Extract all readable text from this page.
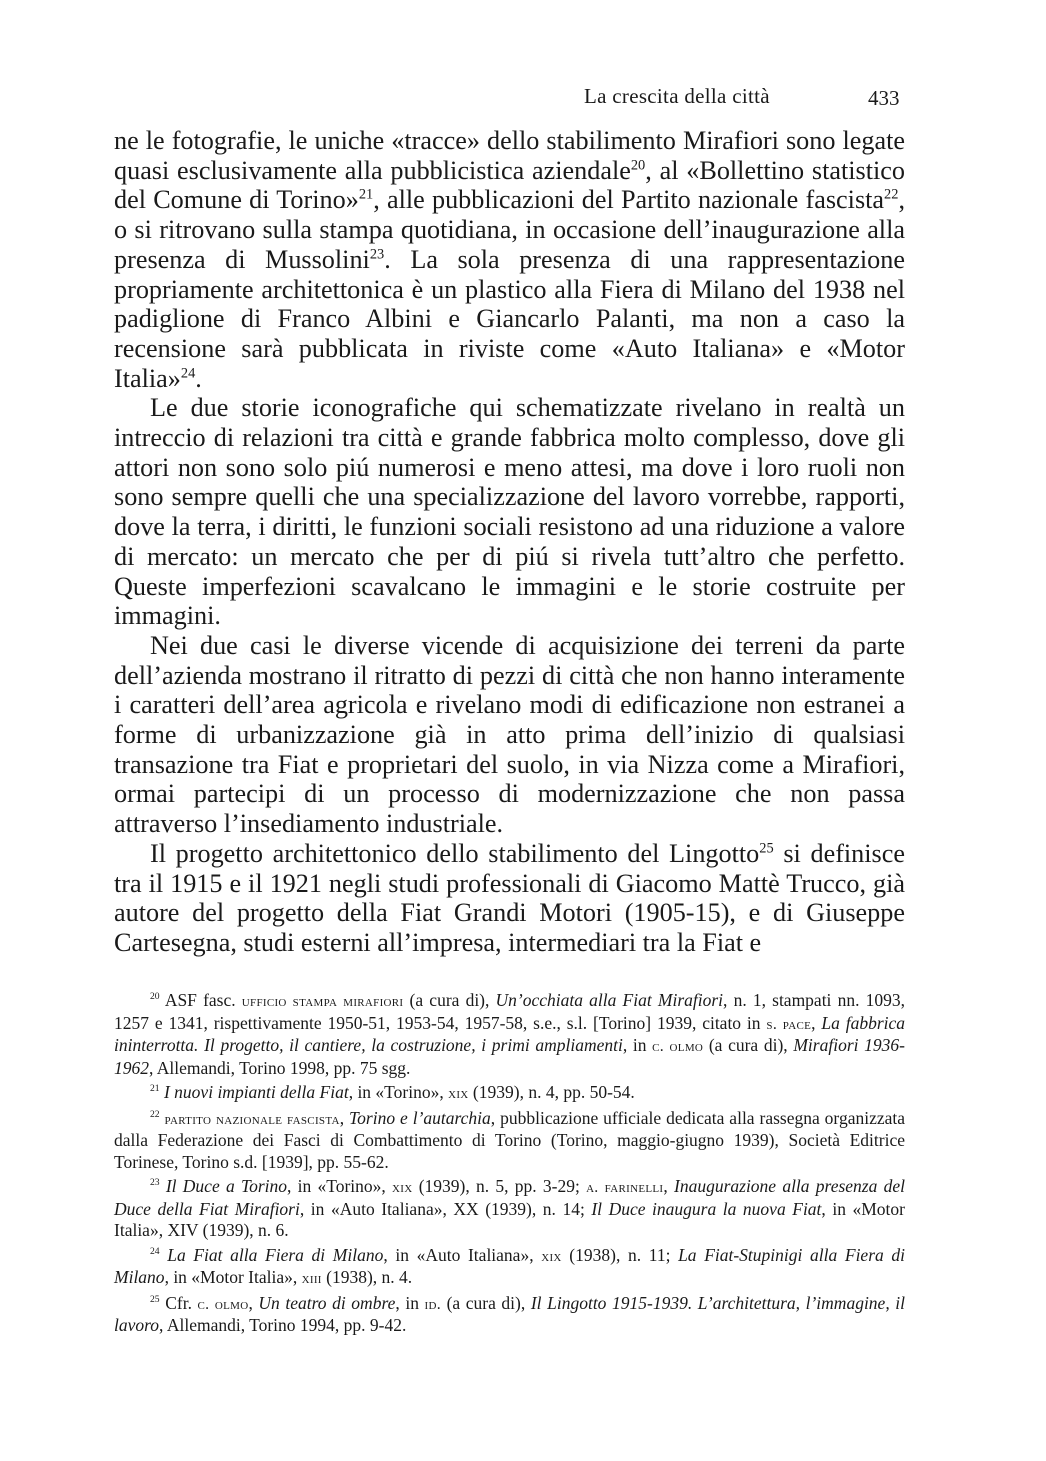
La crescita della città	433

ne le fotografie, le uniche «tracce» dello stabilimento Mirafiori sono legate quasi esclusivamente alla pubblicistica aziendale$^{20}$, al «Bollettino statistico del Comune di Torino»$^{21}$, alle pubblicazioni del Partito nazionale fascista$^{22}$, o si ritrovano sulla stampa quotidiana, in occasione dell’inaugurazione alla presenza di Mussolini$^{23}$. La sola presenza di una rappresentazione propriamente architettonica è un plastico alla Fiera di Milano del 1938 nel padiglione di Franco Albini e Giancarlo Palanti, ma non a caso la recensione sarà pubblicata in riviste come «Auto Italiana» e «Motor Italia»$^{24}$.

Le due storie iconografiche qui schematizzate rivelano in realtà un intreccio di relazioni tra città e grande fabbrica molto complesso, dove gli attori non sono solo piú numerosi e meno attesi, ma dove i loro ruoli non sono sempre quelli che una specializzazione del lavoro vorrebbe, rapporti, dove la terra, i diritti, le funzioni sociali resistono ad una riduzione a valore di mercato: un mercato che per di piú si rivela tutt’altro che perfetto. Queste imperfezioni scavalcano le immagini e le storie costruite per immagini.

Nei due casi le diverse vicende di acquisizione dei terreni da parte dell’azienda mostrano il ritratto di pezzi di città che non hanno interamente i caratteri dell’area agricola e rivelano modi di edificazione non estranei a forme di urbanizzazione già in atto prima dell’inizio di qualsiasi transazione tra Fiat e proprietari del suolo, in via Nizza come a Mirafiori, ormai partecipi di un processo di modernizzazione che non passa attraverso l’insediamento industriale.

Il progetto architettonico dello stabilimento del Lingotto$^{25}$ si definisce tra il 1915 e il 1921 negli studi professionali di Giacomo Mattè Trucco, già autore del progetto della Fiat Grandi Motori (1905-15), e di Giuseppe Cartesegna, studi esterni all’impresa, intermediari tra la Fiat e

$^{20}$ ASF fasc. ufficio stampa mirafiori (a cura di), Un’occhiata alla Fiat Mirafiori, n. 1, stampati nn. 1093, 1257 e 1341, rispettivamente 1950-51, 1953-54, 1957-58, s.e., s.l. [Torino] 1939, citato in s. pace, La fabbrica ininterrotta. Il progetto, il cantiere, la costruzione, i primi ampliamenti, in c. olmo (a cura di), Mirafiori 1936-1962, Allemandi, Torino 1998, pp. 75 sgg.

$^{21}$ I nuovi impianti della Fiat, in «Torino», xix (1939), n. 4, pp. 50-54.

$^{22}$ partito nazionale fascista, Torino e l’autarchia, pubblicazione ufficiale dedicata alla rassegna organizzata dalla Federazione dei Fasci di Combattimento di Torino (Torino, maggio-giugno 1939), Società Editrice Torinese, Torino s.d. [1939], pp. 55-62.

$^{23}$ Il Duce a Torino, in «Torino», xix (1939), n. 5, pp. 3-29; a. farinelli, Inaugurazione alla presenza del Duce della Fiat Mirafiori, in «Auto Italiana», XX (1939), n. 14; Il Duce inaugura la nuova Fiat, in «Motor Italia», XIV (1939), n. 6.

$^{24}$ La Fiat alla Fiera di Milano, in «Auto Italiana», xix (1938), n. 11; La Fiat-Stupinigi alla Fiera di Milano, in «Motor Italia», xiii (1938), n. 4.

$^{25}$ Cfr. c. olmo, Un teatro di ombre, in id. (a cura di), Il Lingotto 1915-1939. L’architettura, l’immagine, il lavoro, Allemandi, Torino 1994, pp. 9-42.
